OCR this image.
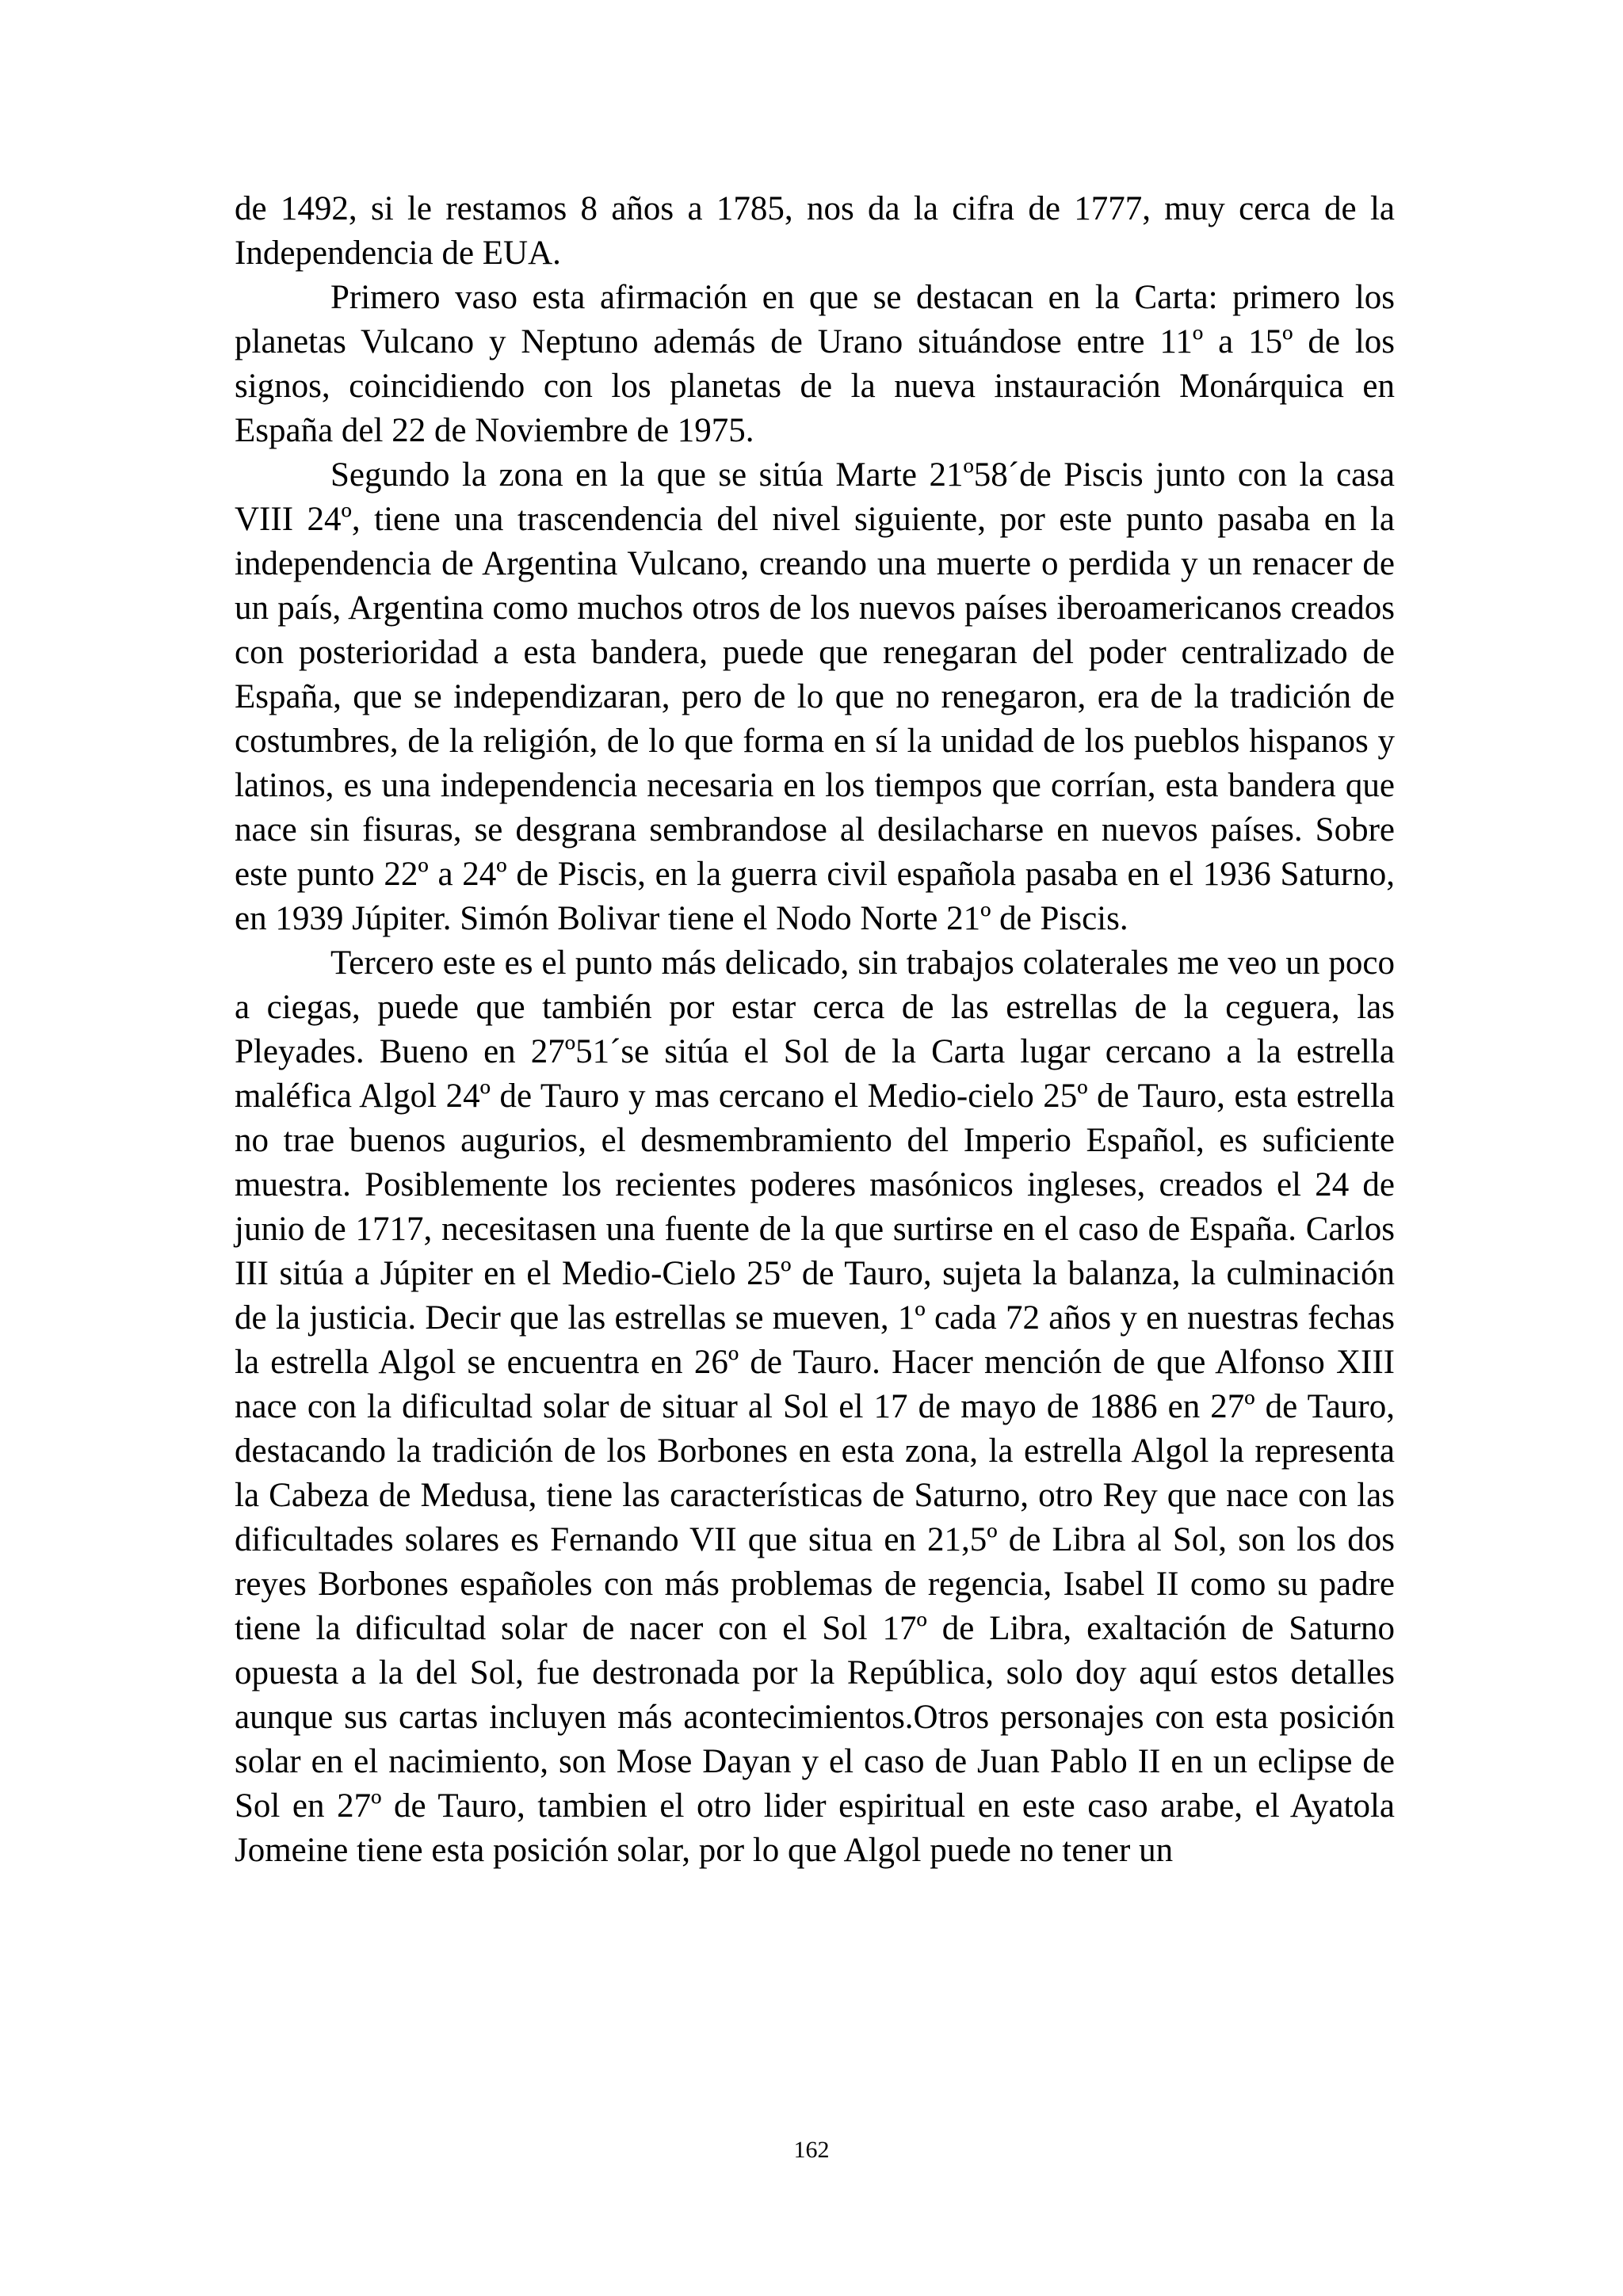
de 1492, si le restamos 8 años a 1785, nos da la cifra de 1777, muy cerca de la Independencia de EUA.

Primero vaso esta afirmación en que se destacan en la Carta: primero los planetas Vulcano y Neptuno además de Urano situándose entre 11º a 15º de los signos, coincidiendo con los planetas de la nueva instauración Monárquica en España del 22 de Noviembre de 1975.

Segundo la zona en la que se sitúa Marte 21º58´de Piscis junto con la casa VIII 24º, tiene una trascendencia del nivel siguiente, por este punto pasaba en la independencia de Argentina Vulcano, creando una muerte o perdida y un renacer de un país, Argentina como muchos otros de los nuevos países iberoamericanos creados con posterioridad a esta bandera, puede que renegaran del poder centralizado de España, que se independizaran, pero de lo que no renegaron, era de la tradición de costumbres, de la religión, de lo que forma en sí la unidad de los pueblos hispanos y latinos, es una independencia necesaria en los tiempos que corrían, esta bandera que nace sin fisuras, se desgrana sembrandose al desilacharse en nuevos países. Sobre este punto 22º a 24º de Piscis, en la guerra civil española pasaba en el 1936 Saturno, en 1939 Júpiter. Simón Bolivar tiene el Nodo Norte 21º de Piscis.

Tercero este es el punto más delicado, sin trabajos colaterales me veo un poco a ciegas, puede que también por estar cerca de las estrellas de la ceguera, las Pleyades. Bueno en 27º51´se sitúa el Sol de la Carta lugar cercano a la estrella maléfica Algol 24º de Tauro y mas cercano el Medio-cielo 25º de Tauro, esta estrella no trae buenos augurios, el desmembramiento del Imperio Español, es suficiente muestra. Posiblemente los recientes poderes masónicos ingleses, creados el 24 de junio de 1717, necesitasen una fuente de la que surtirse en el caso de España. Carlos III sitúa a Júpiter en el Medio-Cielo 25º de Tauro, sujeta la balanza, la culminación de la justicia. Decir que las estrellas se mueven, 1º cada 72 años y en nuestras fechas la estrella Algol se encuentra en 26º de Tauro. Hacer mención de que Alfonso XIII nace con la dificultad solar de situar al Sol el 17 de mayo de 1886 en 27º de Tauro, destacando la tradición de los Borbones en esta zona, la estrella Algol la representa la Cabeza de Medusa, tiene las características de Saturno, otro Rey que nace con las dificultades solares es Fernando VII que situa en 21,5º de Libra al Sol, son los dos reyes Borbones españoles con más problemas de regencia, Isabel II como su padre tiene la dificultad solar de nacer con el Sol 17º de Libra, exaltación de Saturno opuesta a la del Sol, fue destronada por la República, solo doy aquí estos detalles aunque sus cartas incluyen más acontecimientos.Otros personajes con esta posición solar en el nacimiento, son Mose Dayan y el caso de Juan Pablo II en un eclipse de Sol en 27º de Tauro, tambien el otro lider espiritual en este caso arabe, el Ayatola Jomeine tiene esta posición solar, por lo que Algol puede no tener un

162
